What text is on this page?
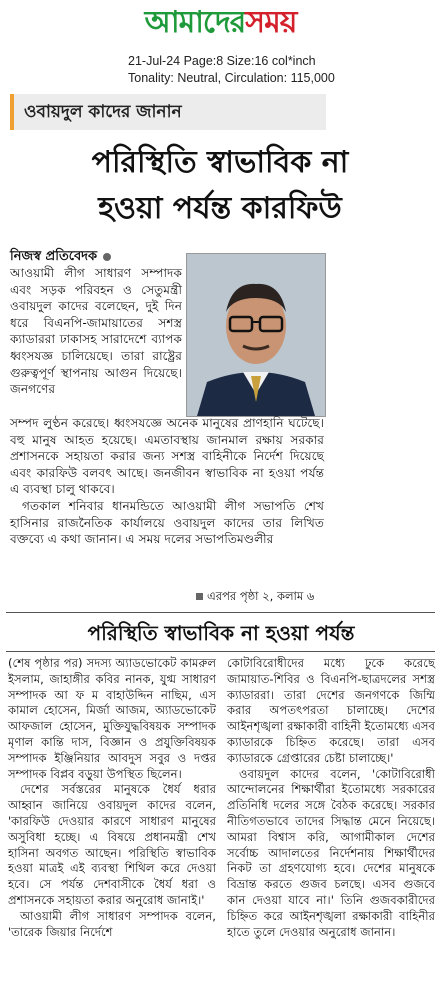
আমাদেরসময়
21-Jul-24 Page:8 Size:16 col*inch
Tonality: Neutral, Circulation: 115,000
ওবায়দুল কাদের জানান
পরিস্থিতি স্বাভাবিক না
হওয়া পর্যন্ত কারফিউ
নিজস্ব প্রতিবেদক
আওয়ামী লীগ সাধারণ সম্পাদক এবং সড়ক পরিবহন ও সেতুমন্ত্রী ওবায়দুল কাদের বলেছেন, দুই দিন ধরে বিএনপি-জামায়াতের সশস্ত্র ক্যাডাররা ঢাকাসহ সারাদেশে ব্যাপক ধ্বংসযজ্ঞ চালিয়েছে। তারা রাষ্ট্রের গুরুত্বপূর্ণ স্থাপনায় আগুন দিয়েছে। জনগণের

সম্পদ লুণ্ঠন করেছে। ধ্বংসযজ্ঞে অনেক মানুষের প্রাণহানি ঘটেছে। বহু মানুষ আহত হয়েছে। এমতাবস্থায় জানমাল রক্ষায় সরকার প্রশাসনকে সহায়তা করার জন্য সশস্ত্র বাহিনীকে নির্দেশ দিয়েছে এবং কারফিউ বলবৎ আছে। জনজীবন স্বাভাবিক না হওয়া পর্যন্ত এ ব্যবস্থা চালু থাকবে।

গতকাল শনিবার ধানমন্ডিতে আওয়ামী লীগ সভাপতি শেখ হাসিনার রাজনৈতিক কার্যালয়ে ওবায়দুল কাদের তার লিখিত বক্তব্যে এ কথা জানান। এ সময় দলের সভাপতিমণ্ডলীর

এরপর পৃষ্ঠা ২, কলাম ৬
পরিস্থিতি স্বাভাবিক না হওয়া পর্যন্ত

(শেষ পৃষ্ঠার পর) সদস্য অ্যাডভোকেট কামরুল ইসলাম, জাহাঙ্গীর কবির নানক, যুগ্ম সাধারণ সম্পাদক আ ফ ম বাহাউদ্দিন নাছিম, এস কামাল হোসেন, মির্জা আজম, অ্যাডভোকেট আফজাল হোসেন, মুক্তিযুদ্ধবিষয়ক সম্পাদক মৃণাল কান্তি দাস, বিজ্ঞান ও প্রযুক্তিবিষয়ক সম্পাদক ইঞ্জিনিয়ার আবদুস সবুর ও দপ্তর সম্পাদক বিপ্লব বড়ুয়া উপস্থিত ছিলেন।

দেশের সর্বস্তরের মানুষকে ধৈর্য ধরার আহ্বান জানিয়ে ওবায়দুল কাদের বলেন, 'কারফিউ দেওয়ার কারণে সাধারণ মানুষের অসুবিধা হচ্ছে। এ বিষয়ে প্রধানমন্ত্রী শেখ হাসিনা অবগত আছেন। পরিস্থিতি স্বাভাবিক হওয়া মাত্রই এই ব্যবস্থা শিথিল করে দেওয়া হবে। সে পর্যন্ত দেশবাসীকে ধৈর্য ধরা ও প্রশাসনকে সহায়তা করার অনুরোধ জানাই।'

আওয়ামী লীগ সাধারণ সম্পাদক বলেন, 'তারেক জিয়ার নির্দেশে

কোটাবিরোধীদের মধ্যে ঢুকে করেছে জামায়াত-শিবির ও বিএনপি-ছাত্রদলের সশস্ত্র ক্যাডাররা। তারা দেশের জনগণকে জিম্মি করার অপতৎপরতা চালাচ্ছে। দেশের আইনশৃঙ্খলা রক্ষাকারী বাহিনী ইতোমধ্যে এসব ক্যাডারকে চিহ্নিত করেছে। তারা এসব ক্যাডারকে গ্রেপ্তারের চেষ্টা চালাচ্ছে।'

ওবায়দুল কাদের বলেন, 'কোটাবিরোধী আন্দোলনের শিক্ষার্থীরা ইতোমধ্যে সরকারের প্রতিনিধি দলের সঙ্গে বৈঠক করেছে। সরকার নীতিগতভাবে তাদের সিদ্ধান্ত মেনে নিয়েছে। আমরা বিশ্বাস করি, আগামীকাল দেশের সর্বোচ্চ আদালতের নির্দেশনায় শিক্ষার্থীদের নিকট তা গ্রহণযোগ্য হবে। দেশের মানুষকে বিভ্রান্ত করতে গুজব চলছে। এসব গুজবে কান দেওয়া যাবে না।' তিনি গুজবকারীদের চিহ্নিত করে আইনশৃঙ্খলা রক্ষাকারী বাহিনীর হাতে তুলে দেওয়ার অনুরোধ জানান।
